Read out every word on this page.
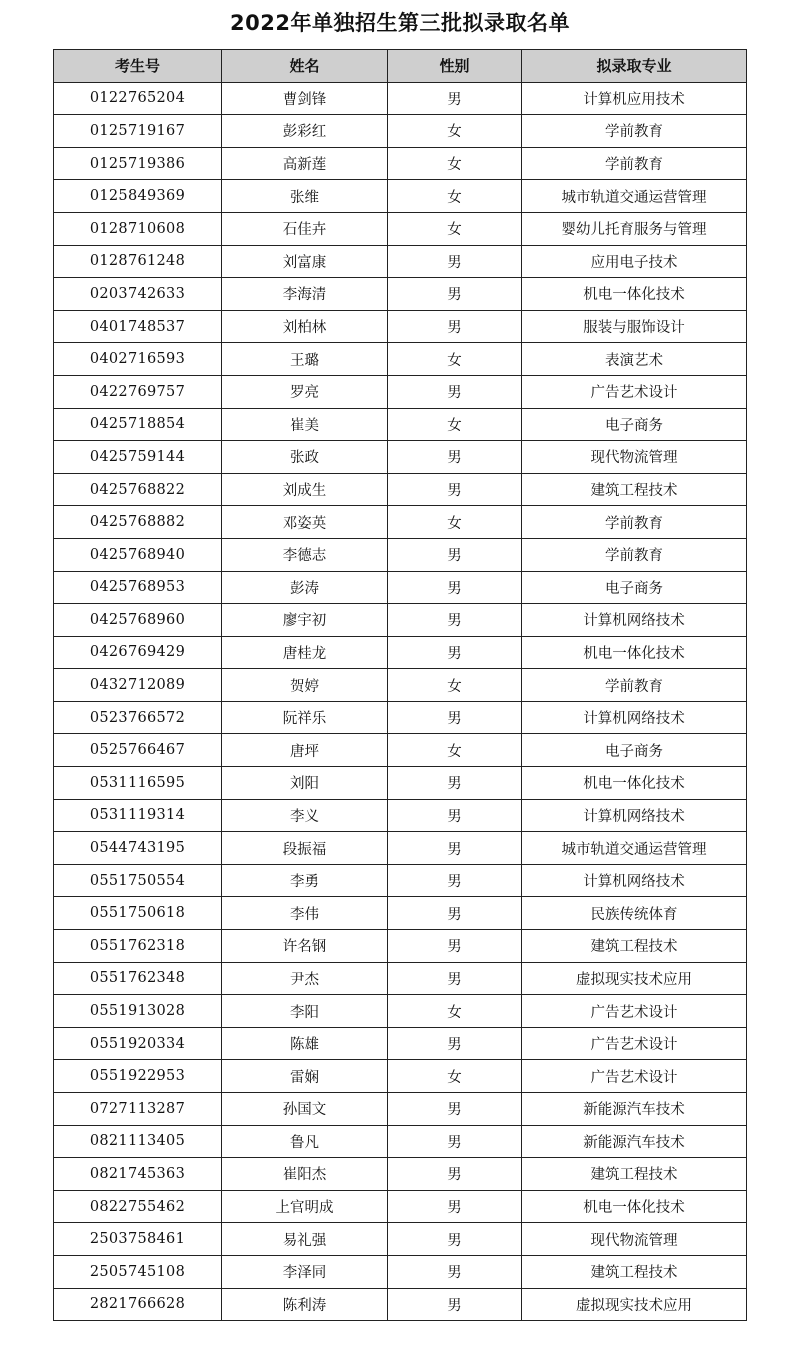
2022年单独招生第三批拟录取名单
考生号	姓名	性别	拟录取专业
0122765204	曹剑锋	男	计算机应用技术
0125719167	彭彩红	女	学前教育
0125719386	高新莲	女	学前教育
0125849369	张维	女	城市轨道交通运营管理
0128710608	石佳卉	女	婴幼儿托育服务与管理
0128761248	刘富康	男	应用电子技术
0203742633	李海清	男	机电一体化技术
0401748537	刘柏林	男	服装与服饰设计
0402716593	王璐	女	表演艺术
0422769757	罗亮	男	广告艺术设计
0425718854	崔美	女	电子商务
0425759144	张政	男	现代物流管理
0425768822	刘成生	男	建筑工程技术
0425768882	邓姿英	女	学前教育
0425768940	李德志	男	学前教育
0425768953	彭涛	男	电子商务
0425768960	廖宇初	男	计算机网络技术
0426769429	唐桂龙	男	机电一体化技术
0432712089	贺婷	女	学前教育
0523766572	阮祥乐	男	计算机网络技术
0525766467	唐坪	女	电子商务
0531116595	刘阳	男	机电一体化技术
0531119314	李义	男	计算机网络技术
0544743195	段振福	男	城市轨道交通运营管理
0551750554	李勇	男	计算机网络技术
0551750618	李伟	男	民族传统体育
0551762318	许名钢	男	建筑工程技术
0551762348	尹杰	男	虚拟现实技术应用
0551913028	李阳	女	广告艺术设计
0551920334	陈雄	男	广告艺术设计
0551922953	雷娴	女	广告艺术设计
0727113287	孙国文	男	新能源汽车技术
0821113405	鲁凡	男	新能源汽车技术
0821745363	崔阳杰	男	建筑工程技术
0822755462	上官明成	男	机电一体化技术
2503758461	易礼强	男	现代物流管理
2505745108	李泽同	男	建筑工程技术
2821766628	陈利涛	男	虚拟现实技术应用
